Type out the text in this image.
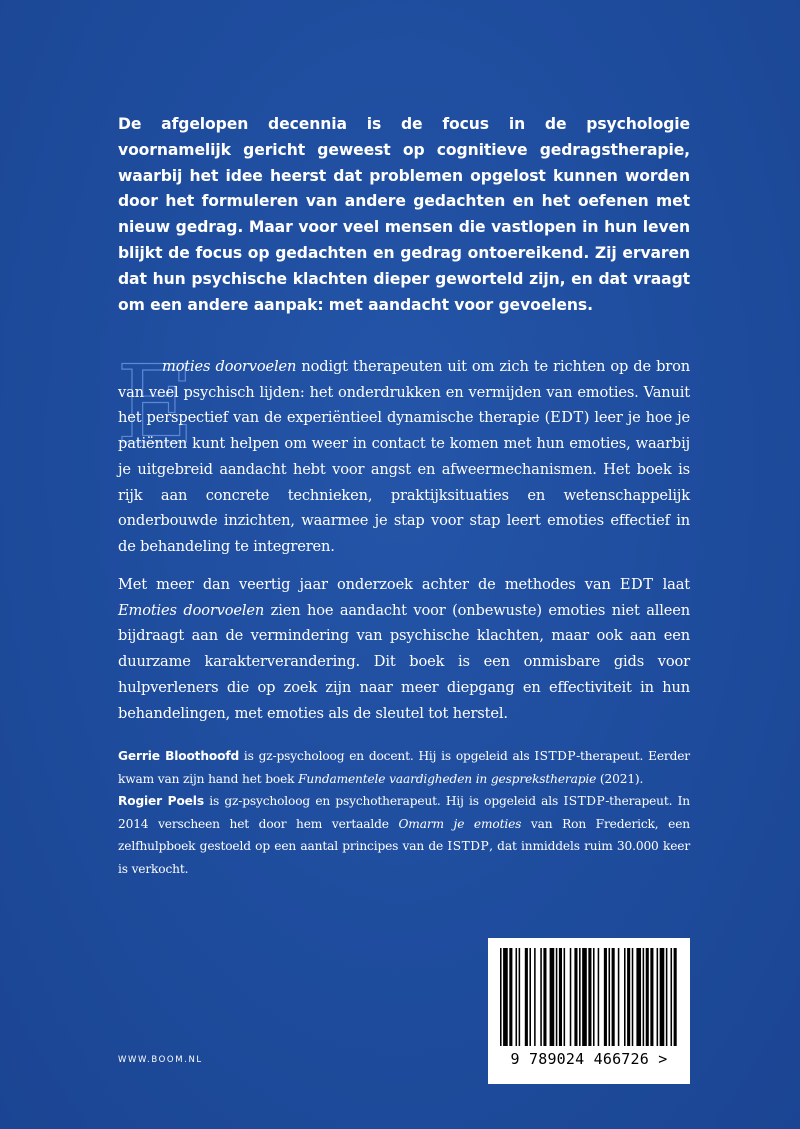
De afgelopen decennia is de focus in de psychologie voornamelijk gericht geweest op cognitieve gedragstherapie, waarbij het idee heerst dat problemen opgelost kunnen worden door het formuleren van andere gedachten en het oefenen met nieuw gedrag. Maar voor veel mensen die vastlopen in hun leven blijkt de focus op gedachten en gedrag ontoereikend. Zij ervaren dat hun psychische klachten dieper geworteld zijn, en dat vraagt om een andere aanpak: met aandacht voor gevoelens.
E
moties doorvoelen nodigt therapeuten uit om zich te richten op de bron van veel psychisch lijden: het onderdrukken en vermijden van emoties. Vanuit het perspectief van de experiëntieel dynamische therapie (EDT) leer je hoe je patiënten kunt helpen om weer in contact te komen met hun emoties, waarbij je uitgebreid aandacht hebt voor angst en afweermechanismen. Het boek is rijk aan concrete technieken, praktijksituaties en wetenschappelijk onderbouwde inzichten, waarmee je stap voor stap leert emoties effectief in de behandeling te integreren.
Met meer dan veertig jaar onderzoek achter de methodes van EDT laat Emoties doorvoelen zien hoe aandacht voor (onbewuste) emoties niet alleen bijdraagt aan de vermindering van psychische klachten, maar ook aan een duurzame karakterverandering. Dit boek is een onmisbare gids voor hulpverleners die op zoek zijn naar meer diepgang en effectiviteit in hun behandelingen, met emoties als de sleutel tot herstel.
Gerrie Bloothoofd is gz-psycholoog en docent. Hij is opgeleid als ISTDP-therapeut. Eerder kwam van zijn hand het boek Fundamentele vaardigheden in gesprekstherapie (2021).
Rogier Poels is gz-psycholoog en psychotherapeut. Hij is opgeleid als ISTDP-therapeut. In 2014 verscheen het door hem vertaalde Omarm je emoties van Ron Frederick, een zelfhulpboek gestoeld op een aantal principes van de ISTDP, dat inmiddels ruim 30.000 keer is verkocht.
WWW.BOOM.NL	9 789024 466726 >
